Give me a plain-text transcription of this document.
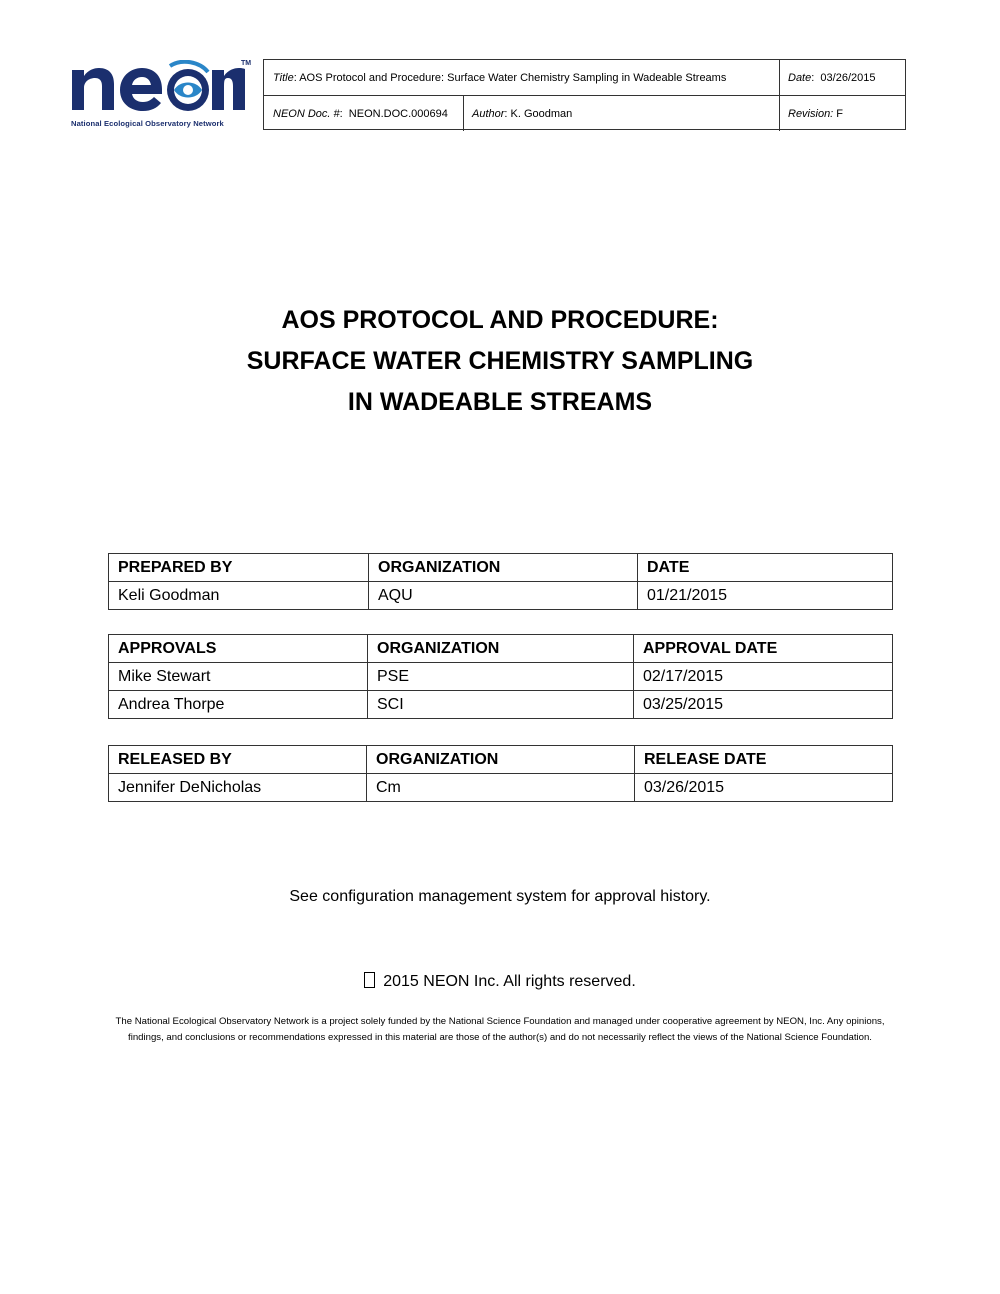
TM
National Ecological Observatory Network
Title : AOS Protocol and Procedure: Surface Water Chemistry Sampling in Wadeable Streams	Date :  03/26/2015
NEON Doc. # :  NEON.DOC.000694 Author : K. Goodman	Revision: F
AOS PROTOCOL AND PROCEDURE:
SURFACE WATER CHEMISTRY SAMPLING
IN WADEABLE STREAMS
PREPARED BY	ORGANIZATION	DATE
Keli Goodman	AQU	01/21/2015
APPROVALS	ORGANIZATION	APPROVAL DATE
Mike Stewart	PSE	02/17/2015
Andrea Thorpe	SCI	03/25/2015
RELEASED BY	ORGANIZATION	RELEASE DATE
Jennifer DeNicholas	Cm	03/26/2015
See configuration management system for approval history.
2015 NEON Inc. All rights reserved.
The National Ecological Observatory Network is a project solely funded by the National Science Foundation and managed under cooperative agreement by NEON, Inc. Any opinions, findings, and conclusions or recommendations expressed in this material are those of the author(s) and do not necessarily reflect the views of the National Science Foundation.
